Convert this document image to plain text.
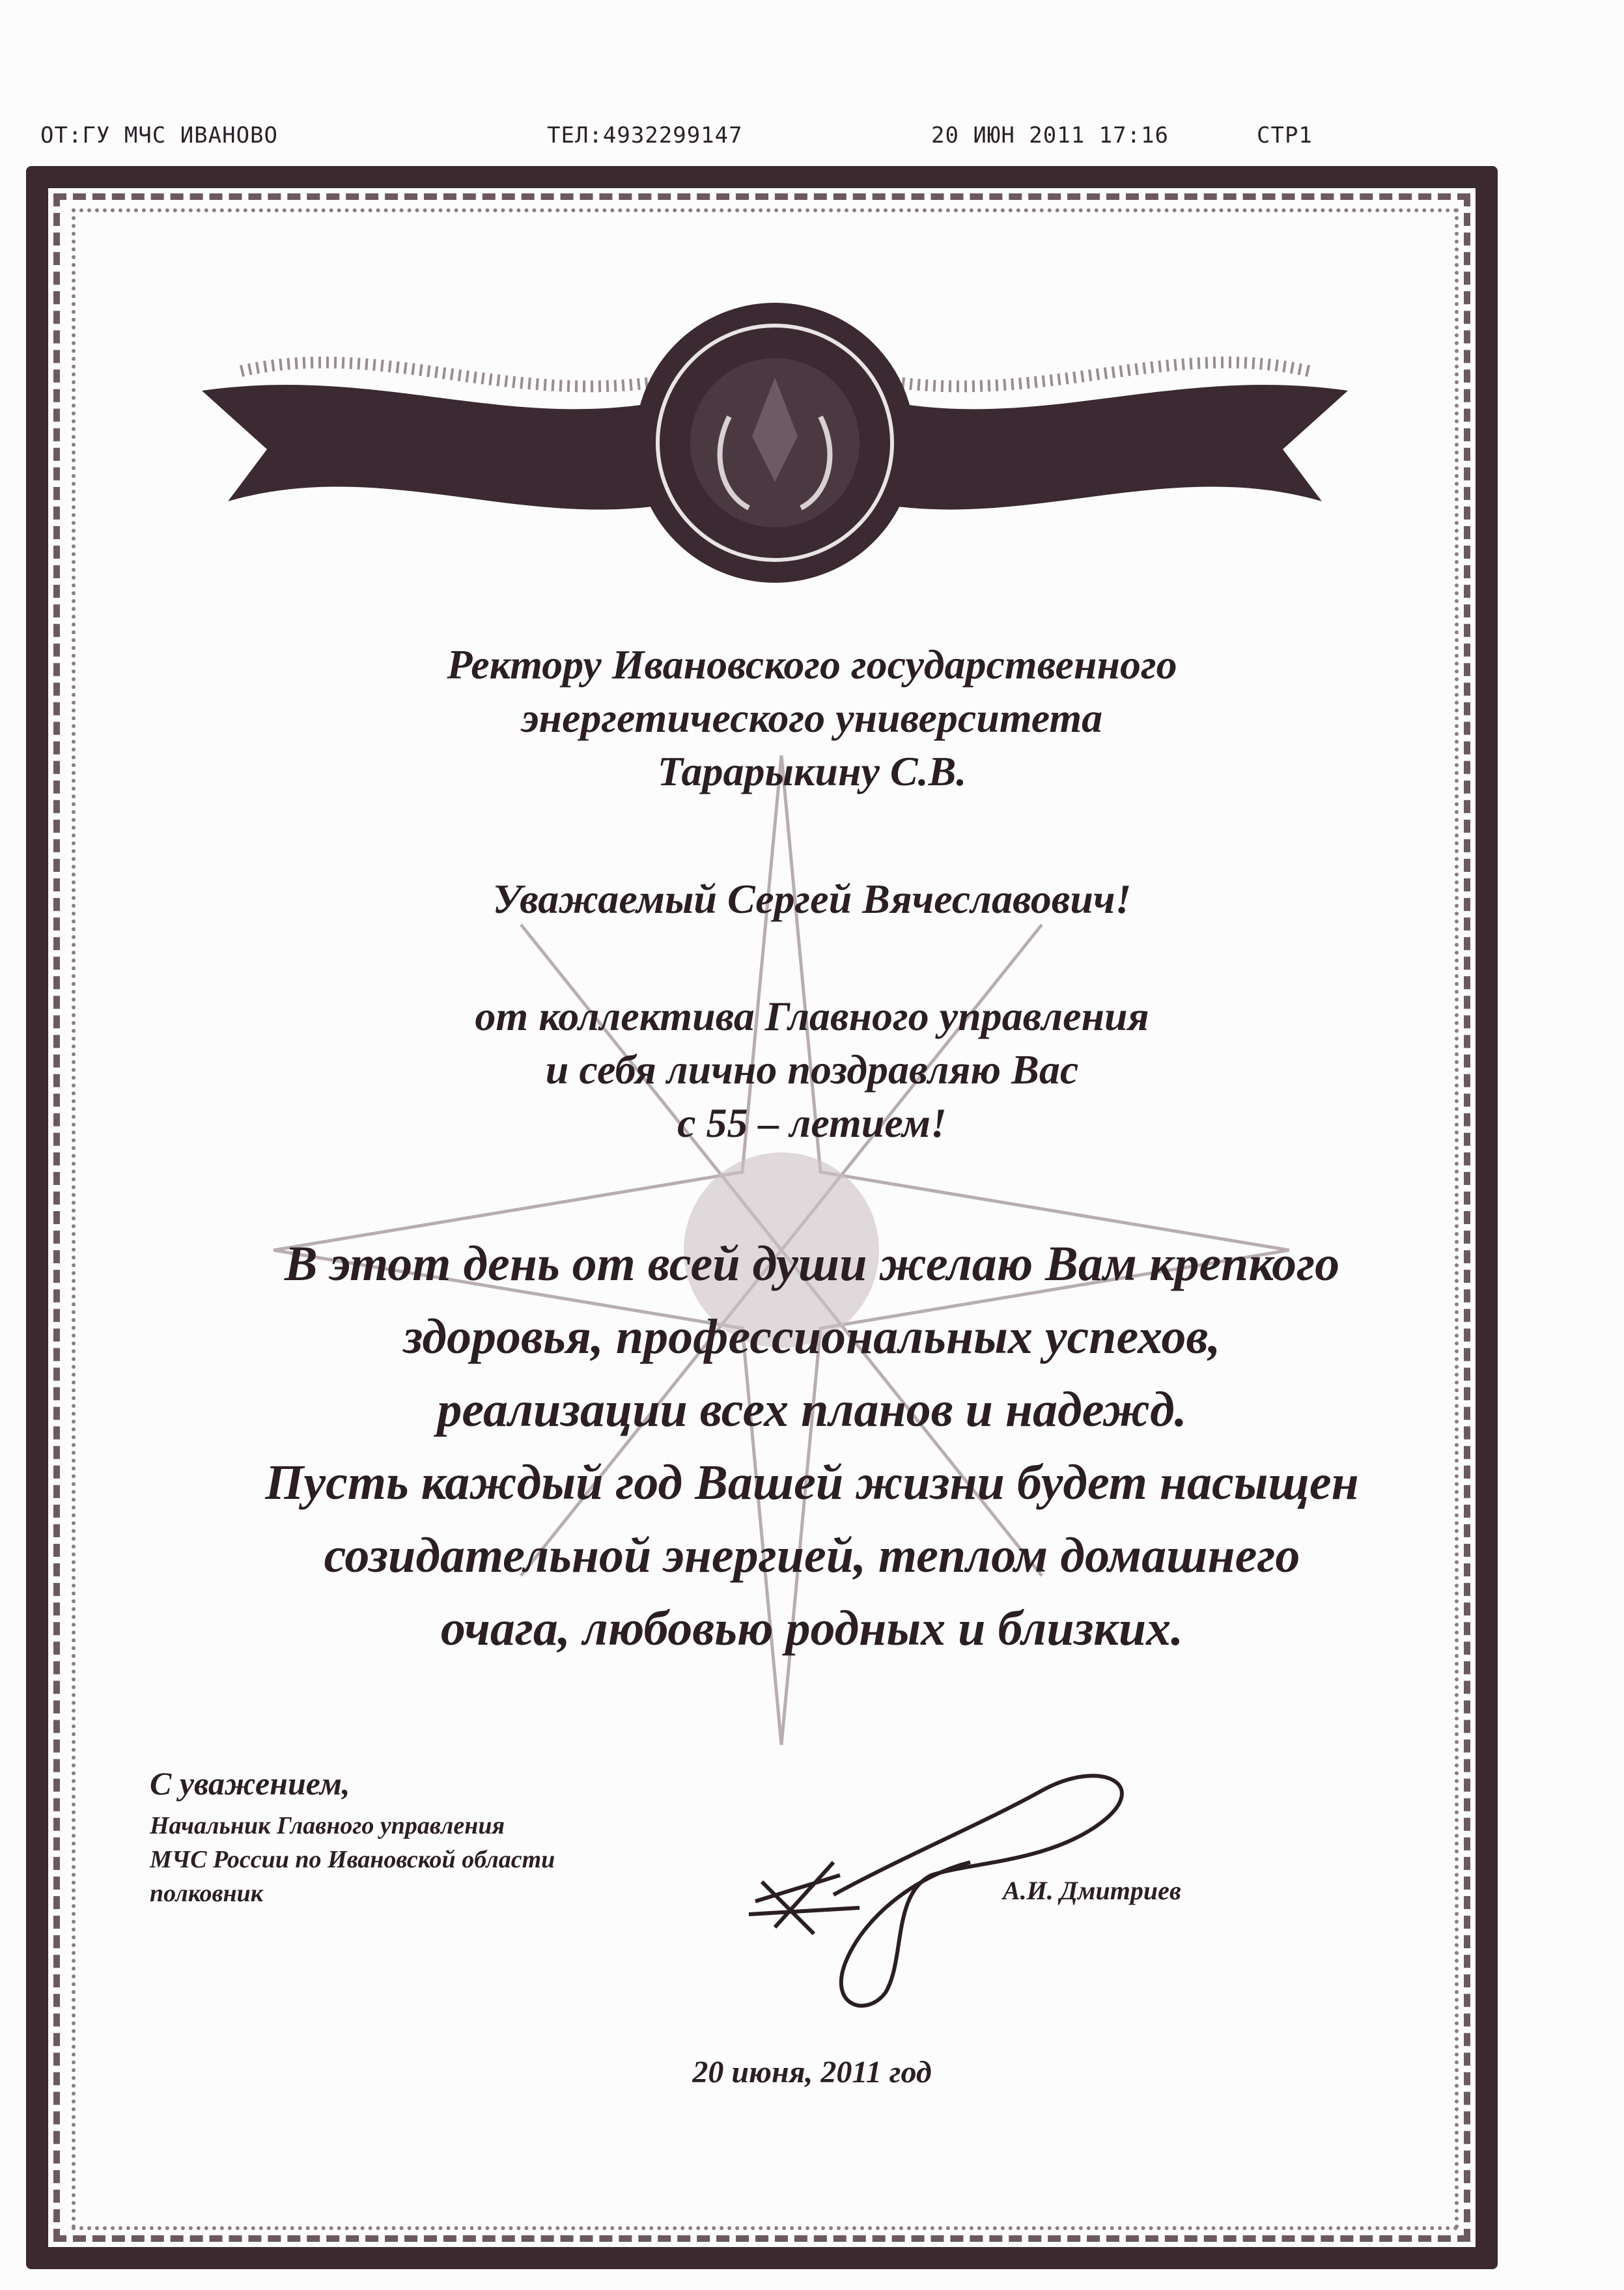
ОТ:ГУ МЧС ИВАНОВО	ТЕЛ:4932299147	20 ИЮН 2011 17:16	СТР1
Ректору Ивановского государственного
энергетического университета
Тарарыкину С.В.
Уважаемый Сергей Вячеславович!
от коллектива Главного управления
и себя лично поздравляю Вас
с 55 – летием!
В этот день от всей души желаю Вам крепкого
здоровья, профессиональных успехов,
реализации всех планов и надежд.
Пусть каждый год Вашей жизни будет насыщен
созидательной энергией, теплом домашнего
очага, любовью родных и близких.
С уважением,
Начальник Главного управления
МЧС России по Ивановской области
полковник	А.И. Дмитриев
20 июня, 2011 год
